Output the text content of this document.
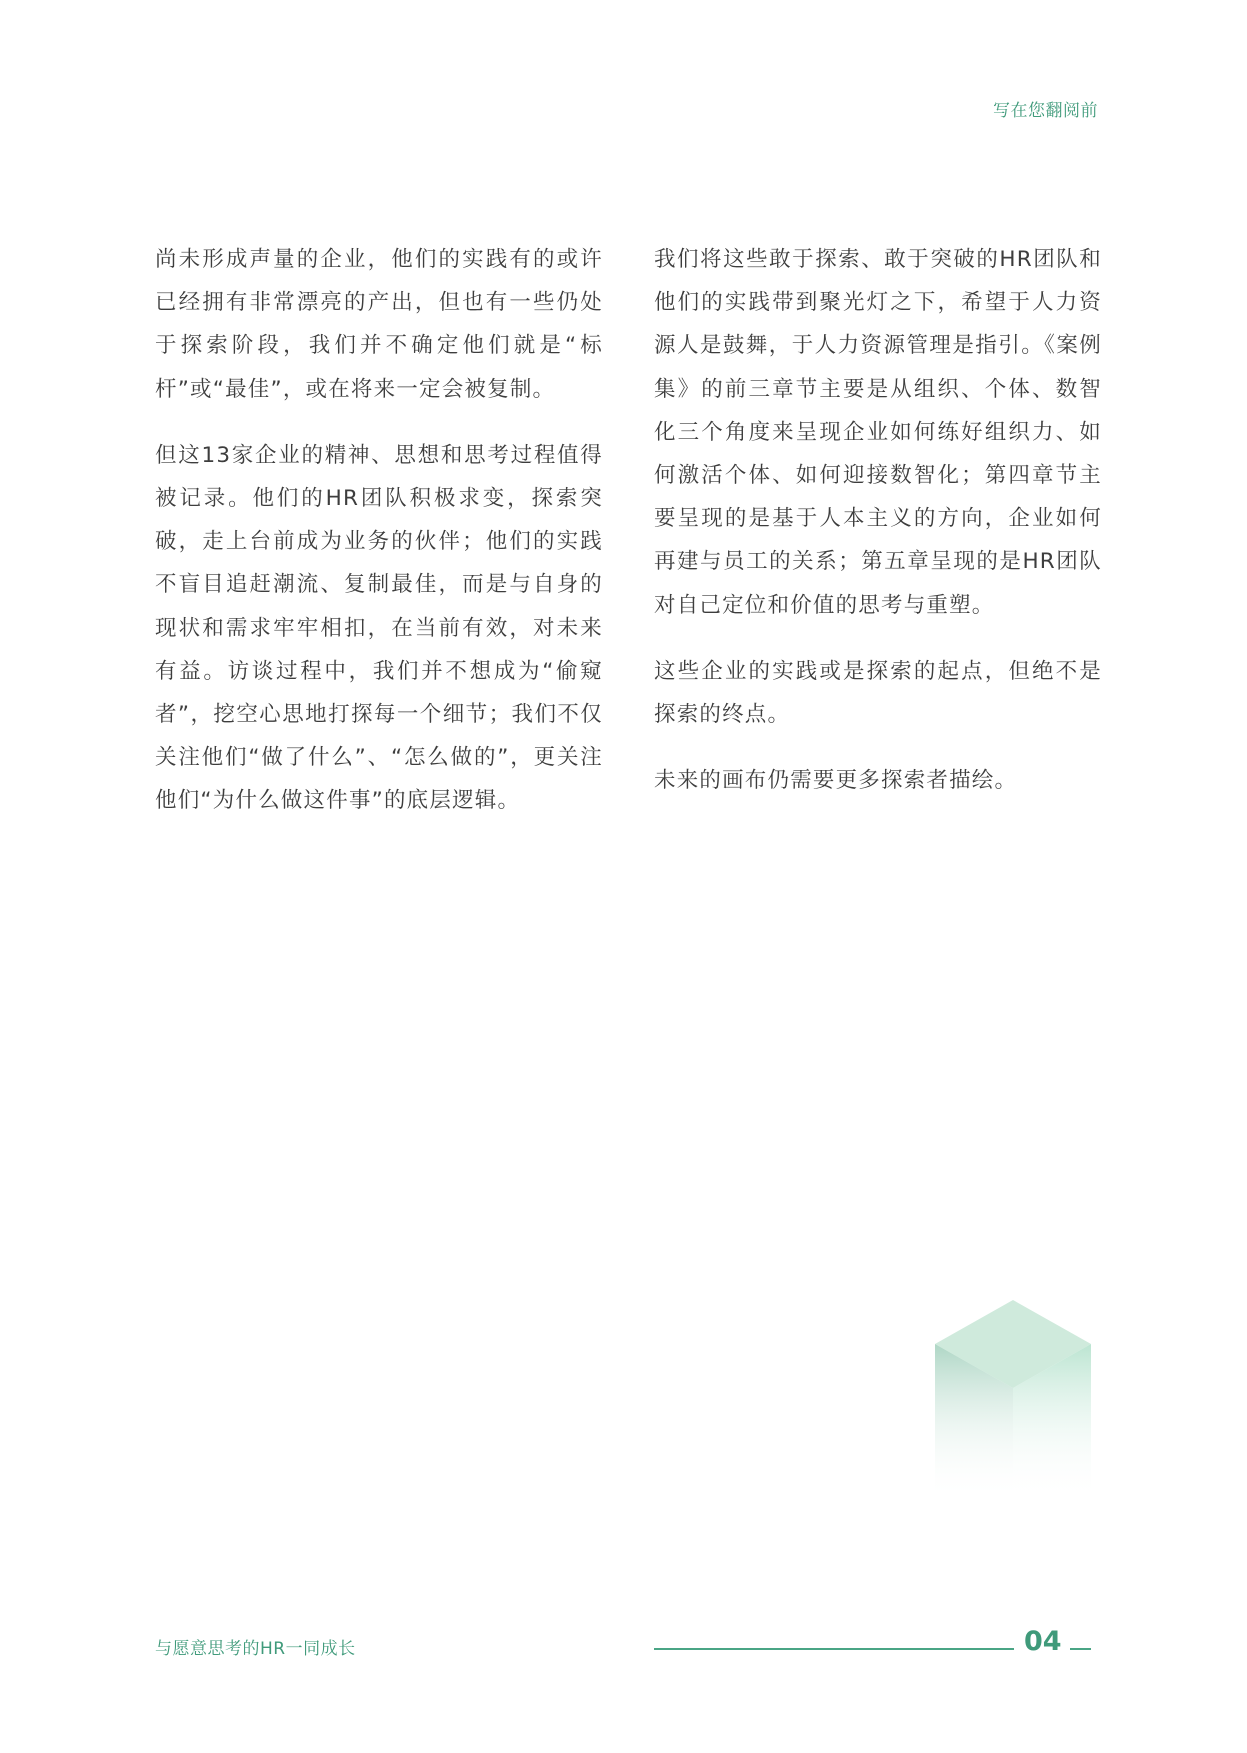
写在您翻阅前

尚未形成声量的企业，他们的实践有的或许已经拥有非常漂亮的产出，但也有一些仍处于探索阶段，我们并不确定他们就是“标杆”或“最佳”，或在将来一定会被复制。

但这13家企业的精神、思想和思考过程值得被记录。他们的HR团队积极求变，探索突破，走上台前成为业务的伙伴；他们的实践不盲目追赶潮流、复制最佳，而是与自身的现状和需求牢牢相扣，在当前有效，对未来有益。访谈过程中，我们并不想成为“偷窥者”，挖空心思地打探每一个细节；我们不仅关注他们“做了什么”、“怎么做的”，更关注他们“为什么做这件事”的底层逻辑。

我们将这些敢于探索、敢于突破的HR团队和他们的实践带到聚光灯之下，希望于人力资源人是鼓舞，于人力资源管理是指引。《案例集》的前三章节主要是从组织、个体、数智化三个角度来呈现企业如何练好组织力、如何激活个体、如何迎接数智化；第四章节主要呈现的是基于人本主义的方向，企业如何再建与员工的关系；第五章呈现的是HR团队对自己定位和价值的思考与重塑。

这些企业的实践或是探索的起点，但绝不是探索的终点。

未来的画布仍需要更多探索者描绘。

与愿意思考的HR一同成长	04
